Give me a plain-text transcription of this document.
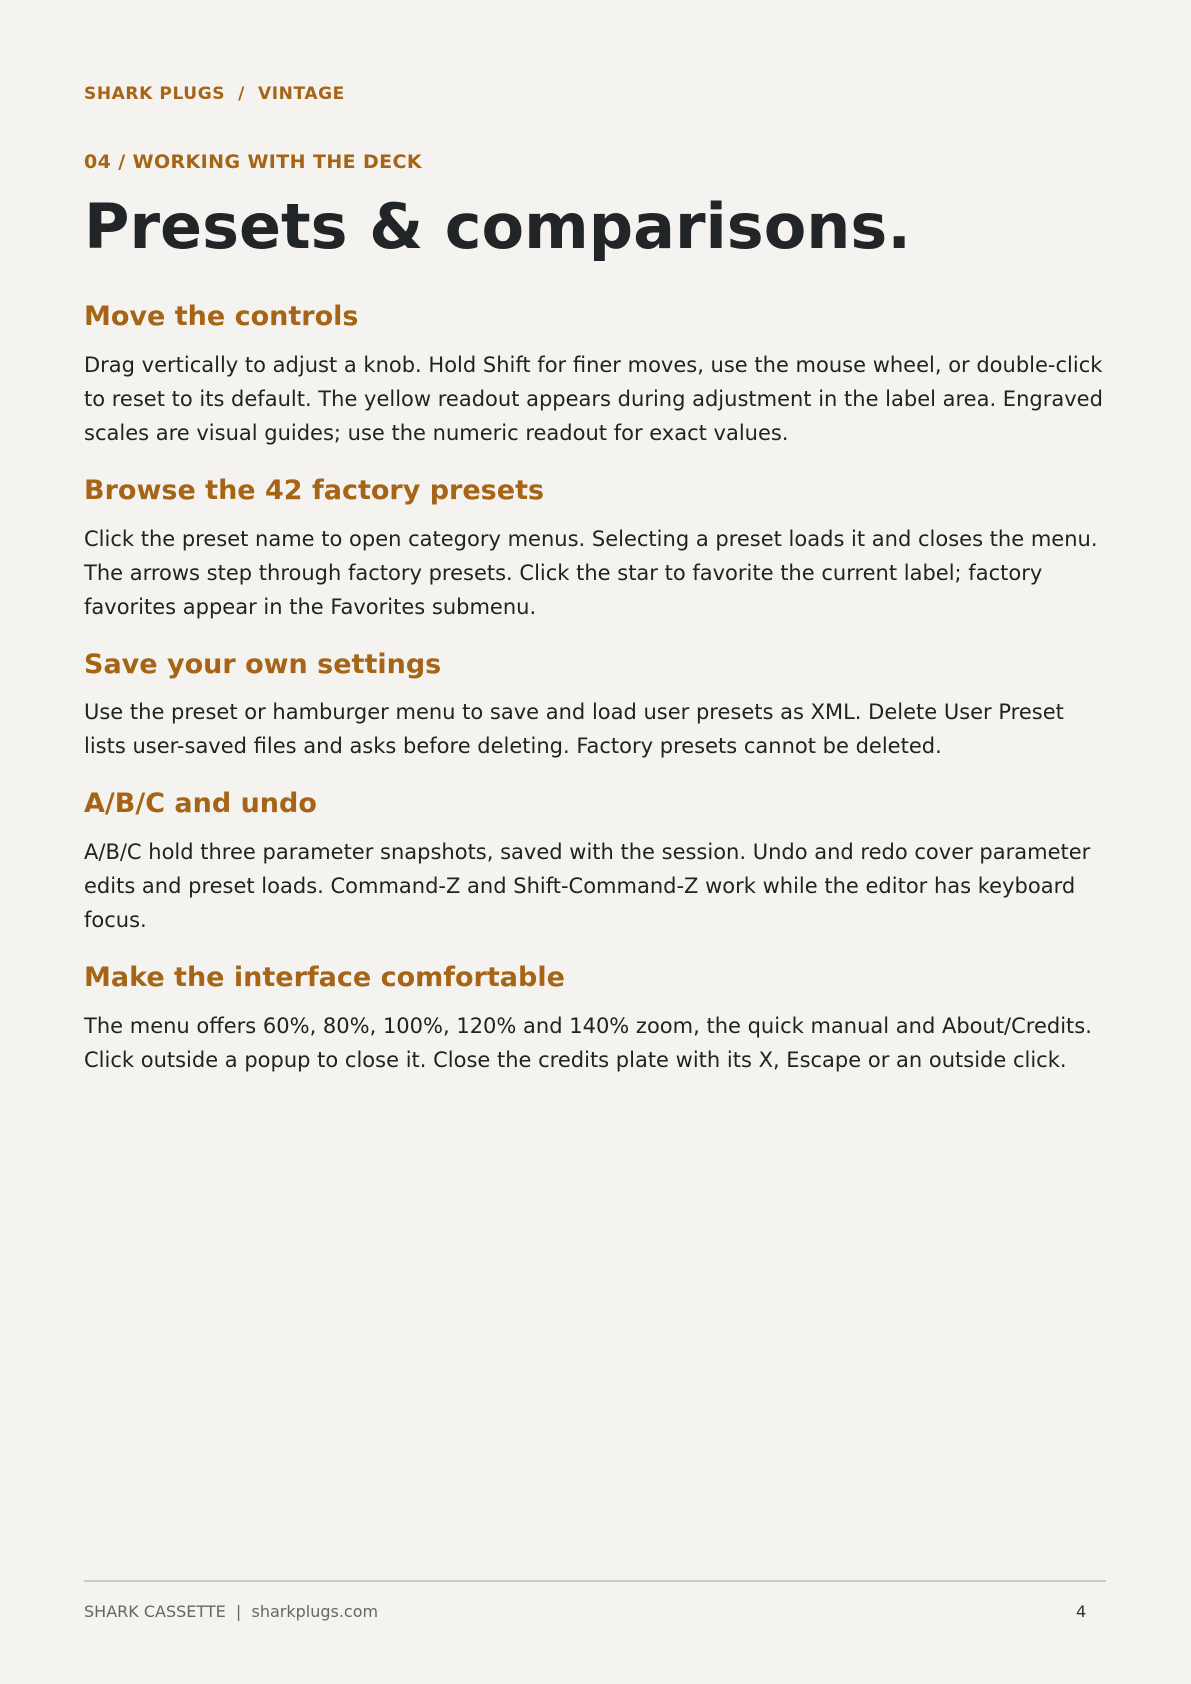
SHARK PLUGS  /  VINTAGE
04 / WORKING WITH THE DECK
Presets & comparisons.
Move the controls

Drag vertically to adjust a knob. Hold Shift for finer moves, use the mouse wheel, or double-click to reset to its default. The yellow readout appears during adjustment in the label area. Engraved scales are visual guides; use the numeric readout for exact values.

Browse the 42 factory presets

Click the preset name to open category menus. Selecting a preset loads it and closes the menu. The arrows step through factory presets. Click the star to favorite the current label; factory favorites appear in the Favorites submenu.

Save your own settings

Use the preset or hamburger menu to save and load user presets as XML. Delete User Preset lists user-saved files and asks before deleting. Factory presets cannot be deleted.

A/B/C and undo

A/B/C hold three parameter snapshots, saved with the session. Undo and redo cover parameter edits and preset loads. Command-Z and Shift-Command-Z work while the editor has keyboard focus.

Make the interface comfortable

The menu offers 60%, 80%, 100%, 120% and 140% zoom, the quick manual and About/Credits. Click outside a popup to close it. Close the credits plate with its X, Escape or an outside click.

SHARK CASSETTE  |  sharkplugs.com	4
